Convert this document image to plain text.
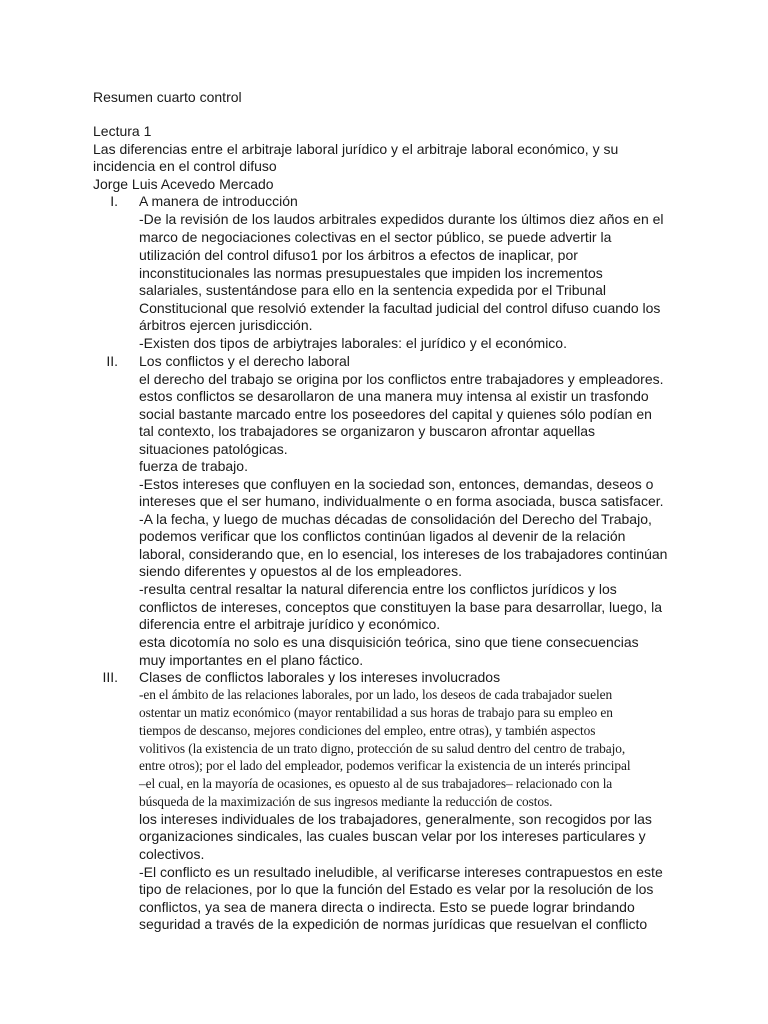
Resumen cuarto control
Lectura 1
Las diferencias entre el arbitraje laboral jurídico y el arbitraje laboral económico, y su
incidencia en el control difuso
Jorge Luis Acevedo Mercado
I. A manera de introducción
-De la revisión de los laudos arbitrales expedidos durante los últimos diez años en el
marco de negociaciones colectivas en el sector público, se puede advertir la
utilización del control difuso1 por los árbitros a efectos de inaplicar, por
inconstitucionales las normas presupuestales que impiden los incrementos
salariales, sustentándose para ello en la sentencia expedida por el Tribunal
Constitucional que resolvió extender la facultad judicial del control difuso cuando los
árbitros ejercen jurisdicción.
-Existen dos tipos de arbiytrajes laborales: el jurídico y el económico.
II. Los conflictos y el derecho laboral
el derecho del trabajo se origina por los conflictos entre trabajadores y empleadores.
estos conflictos se desarollaron de una manera muy intensa al existir un trasfondo
social bastante marcado entre los poseedores del capital y quienes sólo podían en
tal contexto, los trabajadores se organizaron y buscaron afrontar aquellas
situaciones patológicas.
fuerza de trabajo.
-Estos intereses que confluyen en la sociedad son, entonces, demandas, deseos o
intereses que el ser humano, individualmente o en forma asociada, busca satisfacer.
-A la fecha, y luego de muchas décadas de consolidación del Derecho del Trabajo,
podemos verificar que los conflictos continúan ligados al devenir de la relación
laboral, considerando que, en lo esencial, los intereses de los trabajadores continúan
siendo diferentes y opuestos al de los empleadores.
-resulta central resaltar la natural diferencia entre los conflictos jurídicos y los
conflictos de intereses, conceptos que constituyen la base para desarrollar, luego, la
diferencia entre el arbitraje jurídico y económico.
esta dicotomía no solo es una disquisición teórica, sino que tiene consecuencias
muy importantes en el plano fáctico.
III. Clases de conflictos laborales y los intereses involucrados
-en el ámbito de las relaciones laborales, por un lado, los deseos de cada trabajador suelen
ostentar un matiz económico (mayor rentabilidad a sus horas de trabajo para su empleo en
tiempos de descanso, mejores condiciones del empleo, entre otras), y también aspectos
volitivos (la existencia de un trato digno, protección de su salud dentro del centro de trabajo,
entre otros); por el lado del empleador, podemos verificar la existencia de un interés principal
–el cual, en la mayoría de ocasiones, es opuesto al de sus trabajadores– relacionado con la
búsqueda de la maximización de sus ingresos mediante la reducción de costos.
los intereses individuales de los trabajadores, generalmente, son recogidos por las
organizaciones sindicales, las cuales buscan velar por los intereses particulares y
colectivos.
-El conflicto es un resultado ineludible, al verificarse intereses contrapuestos en este
tipo de relaciones, por lo que la función del Estado es velar por la resolución de los
conflictos, ya sea de manera directa o indirecta. Esto se puede lograr brindando
seguridad a través de la expedición de normas jurídicas que resuelvan el conflicto
